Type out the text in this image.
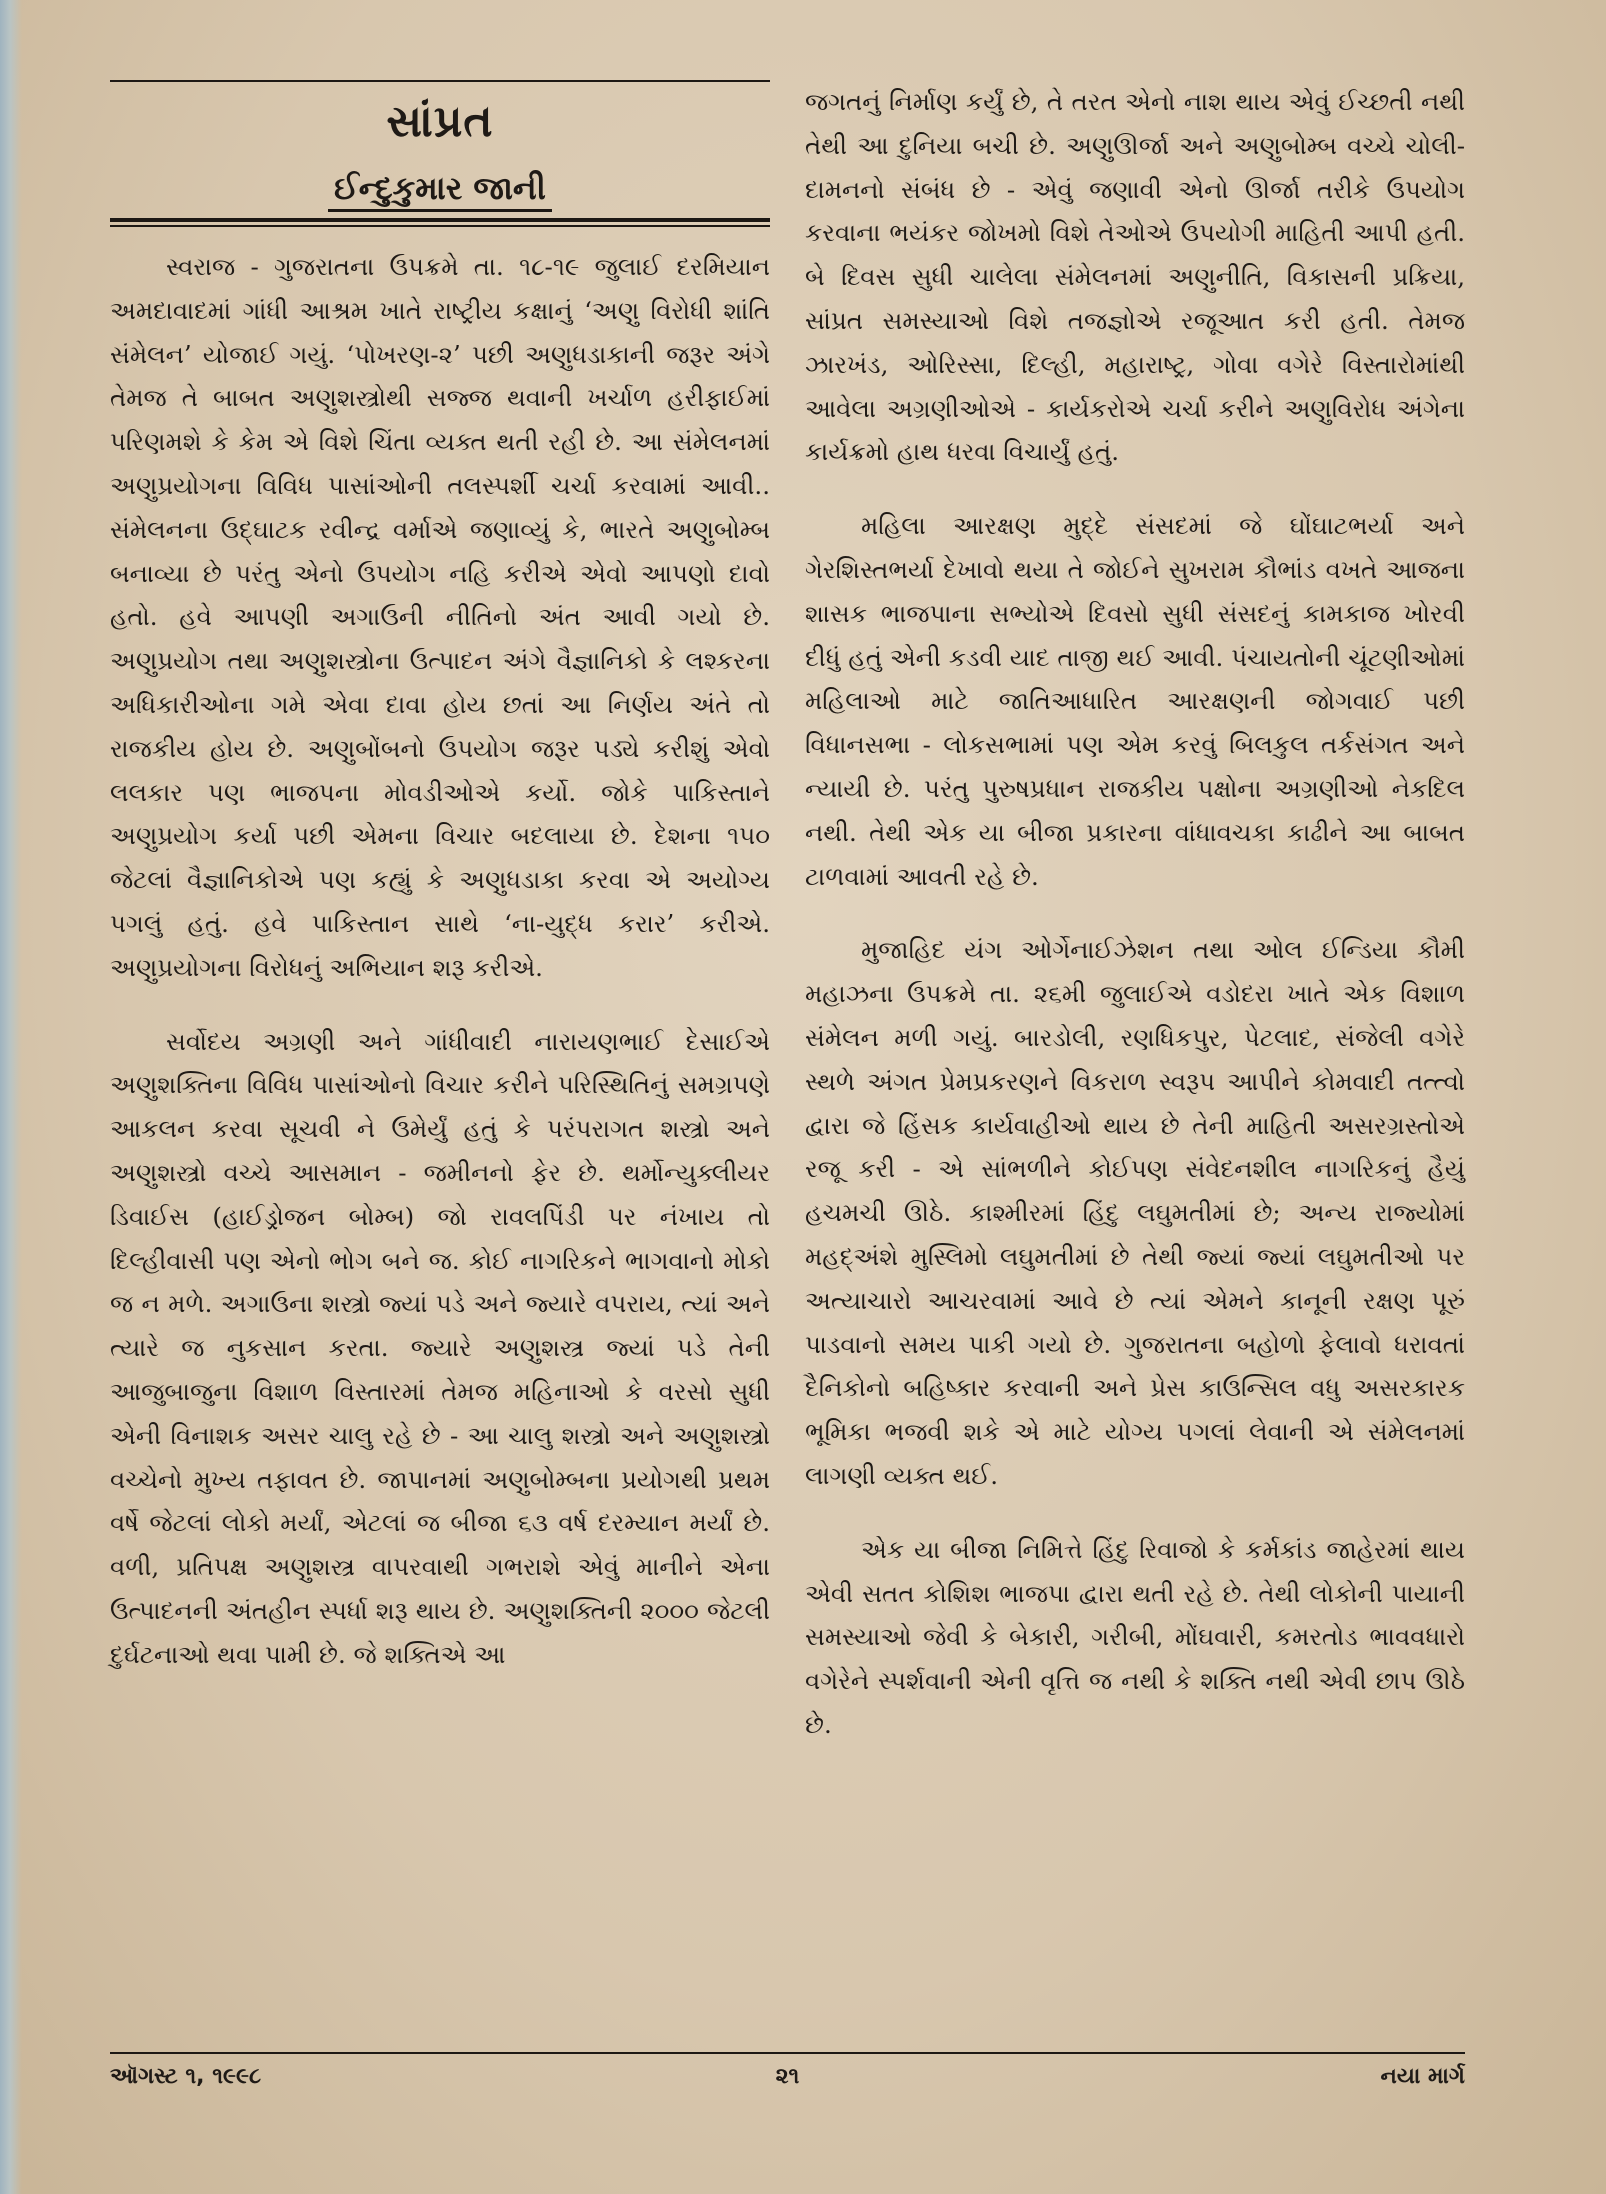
સાંપ્રત
ઈન્દુકુમાર જાની

સ્વરાજ - ગુજરાતના ઉપક્રમે તા. ૧૮-૧૯ જુલાઈ દરમિયાન અમદાવાદમાં ગાંધી આશ્રમ ખાતે રાષ્ટ્રીય કક્ષાનું ‘અણુ વિરોધી શાંતિ સંમેલન’ યોજાઈ ગયું. ‘પોખરણ-૨’ પછી અણુધડાકાની જરૂર અંગે તેમજ તે બાબત અણુશસ્ત્રોથી સજ્જ થવાની ખર્ચાળ હરીફાઈમાં પરિણમશે કે કેમ એ વિશે ચિંતા વ્યક્ત થતી રહી છે. આ સંમેલનમાં અણુપ્રયોગના વિવિધ પાસાંઓની તલસ્પર્શી ચર્ચા કરવામાં આવી.. સંમેલનના ઉદ્ઘાટક રવીન્દ્ર વર્માએ જણાવ્યું કે, ભારતે અણુબોમ્બ બનાવ્યા છે પરંતુ એનો ઉપયોગ નહિ કરીએ એવો આપણો દાવો હતો. હવે આપણી અગાઉની નીતિનો અંત આવી ગયો છે. અણુપ્રયોગ તથા અણુશસ્ત્રોના ઉત્પાદન અંગે વૈજ્ઞાનિકો કે લશ્કરના અધિકારીઓના ગમે એવા દાવા હોય છતાં આ નિર્ણય અંતે તો રાજકીય હોય છે. અણુબોંબનો ઉપયોગ જરૂર પડ્યે કરીશું એવો લલકાર પણ ભાજપના મોવડીઓએ કર્યો. જોકે પાકિસ્તાને અણુપ્રયોગ કર્યા પછી એમના વિચાર બદલાયા છે. દેશના ૧૫૦ જેટલાં વૈજ્ઞાનિકોએ પણ કહ્યું કે અણુધડાકા કરવા એ અયોગ્ય પગલું હતું. હવે પાકિસ્તાન સાથે ‘ના-યુદ્ધ કરાર’ કરીએ. અણુપ્રયોગના વિરોધનું અભિયાન શરૂ કરીએ.

સર્વોદય અગ્રણી અને ગાંધીવાદી નારાયણભાઈ દેસાઈએ અણુશક્તિના વિવિધ પાસાંઓનો વિચાર કરીને પરિસ્થિતિનું સમગ્રપણે આકલન કરવા સૂચવી ને ઉમેર્યું હતું કે પરંપરાગત શસ્ત્રો અને અણુશસ્ત્રો વચ્ચે આસમાન - જમીનનો ફેર છે. થર્મોન્યુક્લીયર ડિવાઈસ (હાઈડ્રોજન બોમ્બ) જો રાવલપિંડી પર નંખાય તો દિલ્હીવાસી પણ એનો ભોગ બને જ. કોઈ નાગરિકને ભાગવાનો મોકો જ ન મળે. અગાઉના શસ્ત્રો જ્યાં પડે અને જ્યારે વપરાય, ત્યાં અને ત્યારે જ નુકસાન કરતા. જ્યારે અણુશસ્ત્ર જ્યાં પડે તેની આજુબાજુના વિશાળ વિસ્તારમાં તેમજ મહિનાઓ કે વરસો સુધી એની વિનાશક અસર ચાલુ રહે છે - આ ચાલુ શસ્ત્રો અને અણુશસ્ત્રો વચ્ચેનો મુખ્ય તફાવત છે. જાપાનમાં અણુબોમ્બના પ્રયોગથી પ્રથમ વર્ષે જેટલાં લોકો મર્યાં, એટલાં જ બીજા ૬૩ વર્ષ દરમ્યાન મર્યાં છે. વળી, પ્રતિપક્ષ અણુશસ્ત્ર વાપરવાથી ગભરાશે એવું માનીને એના ઉત્પાદનની અંતહીન સ્પર્ધા શરૂ થાય છે. અણુશક્તિની ૨૦૦૦ જેટલી દુર્ઘટનાઓ થવા પામી છે. જે શક્તિએ આ

જગતનું નિર્માણ કર્યું છે, તે તરત એનો નાશ થાય એવું ઈચ્છતી નથી તેથી આ દુનિયા બચી છે. અણુઊર્જા અને અણુબોમ્બ વચ્ચે ચોલી-દામનનો સંબંધ છે - એવું જણાવી એનો ઊર્જા તરીકે ઉપયોગ કરવાના ભયંકર જોખમો વિશે તેઓએ ઉપયોગી માહિતી આપી હતી. બે દિવસ સુધી ચાલેલા સંમેલનમાં અણુનીતિ, વિકાસની પ્રક્રિયા, સાંપ્રત સમસ્યાઓ વિશે તજજ્ઞોએ રજૂઆત કરી હતી. તેમજ ઝારખંડ, ઓરિસ્સા, દિલ્હી, મહારાષ્ટ્ર, ગોવા વગેરે વિસ્તારોમાંથી આવેલા અગ્રણીઓએ - કાર્યકરોએ ચર્ચા કરીને અણુવિરોધ અંગેના કાર્યક્રમો હાથ ધરવા વિચાર્યું હતું.

મહિલા આરક્ષણ મુદ્દે સંસદમાં જે ઘોંઘાટભર્યા અને ગેરશિસ્તભર્યા દેખાવો થયા તે જોઈને સુખરામ કૌભાંડ વખતે આજના શાસક ભાજપાના સભ્યોએ દિવસો સુધી સંસદનું કામકાજ ખોરવી દીધું હતું એની કડવી યાદ તાજી થઈ આવી. પંચાયતોની ચૂંટણીઓમાં મહિલાઓ માટે જાતિઆધારિત આરક્ષણની જોગવાઈ પછી વિધાનસભા - લોકસભામાં પણ એમ કરવું બિલકુલ તર્કસંગત અને ન્યાયી છે. પરંતુ પુરુષપ્રધાન રાજકીય પક્ષોના અગ્રણીઓ નેકદિલ નથી. તેથી એક યા બીજા પ્રકારના વાંધાવચકા કાઢીને આ બાબત ટાળવામાં આવતી રહે છે.

મુજાહિદ યંગ ઓર્ગેનાઈઝેશન તથા ઓલ ઈન્ડિયા કૌમી મહાઝના ઉપક્રમે તા. ૨૬મી જુલાઈએ વડોદરા ખાતે એક વિશાળ સંમેલન મળી ગયું. બારડોલી, રણધિકપુર, પેટલાદ, સંજેલી વગેરે સ્થળે અંગત પ્રેમપ્રકરણને વિકરાળ સ્વરૂપ આપીને કોમવાદી તત્ત્વો દ્વારા જે હિંસક કાર્યવાહીઓ થાય છે તેની માહિતી અસરગ્રસ્તોએ રજૂ કરી - એ સાંભળીને કોઈપણ સંવેદનશીલ નાગરિકનું હૈયું હચમચી ઊઠે. કાશ્મીરમાં હિંદુ લઘુમતીમાં છે; અન્ય રાજ્યોમાં મહદ્અંશે મુસ્લિમો લઘુમતીમાં છે તેથી જ્યાં જ્યાં લઘુમતીઓ પર અત્યાચારો આચરવામાં આવે છે ત્યાં એમને કાનૂની રક્ષણ પૂરું પાડવાનો સમય પાકી ગયો છે. ગુજરાતના બહોળો ફેલાવો ધરાવતાં દૈનિકોનો બહિષ્કાર કરવાની અને પ્રેસ કાઉન્સિલ વધુ અસરકારક ભૂમિકા ભજવી શકે એ માટે યોગ્ય પગલાં લેવાની એ સંમેલનમાં લાગણી વ્યક્ત થઈ.

એક યા બીજા નિમિત્તે હિંદુ રિવાજો કે કર્મકાંડ જાહેરમાં થાય એવી સતત કોશિશ ભાજપા દ્વારા થતી રહે છે. તેથી લોકોની પાયાની સમસ્યાઓ જેવી કે બેકારી, ગરીબી, મોંઘવારી, કમરતોડ ભાવવધારો વગેરેને સ્પર્શવાની એની વૃત્તિ જ નથી કે શક્તિ નથી એવી છાપ ઊઠે છે.

ઑગસ્ટ ૧, ૧૯૯૮	૨૧	નયા માર્ગ
